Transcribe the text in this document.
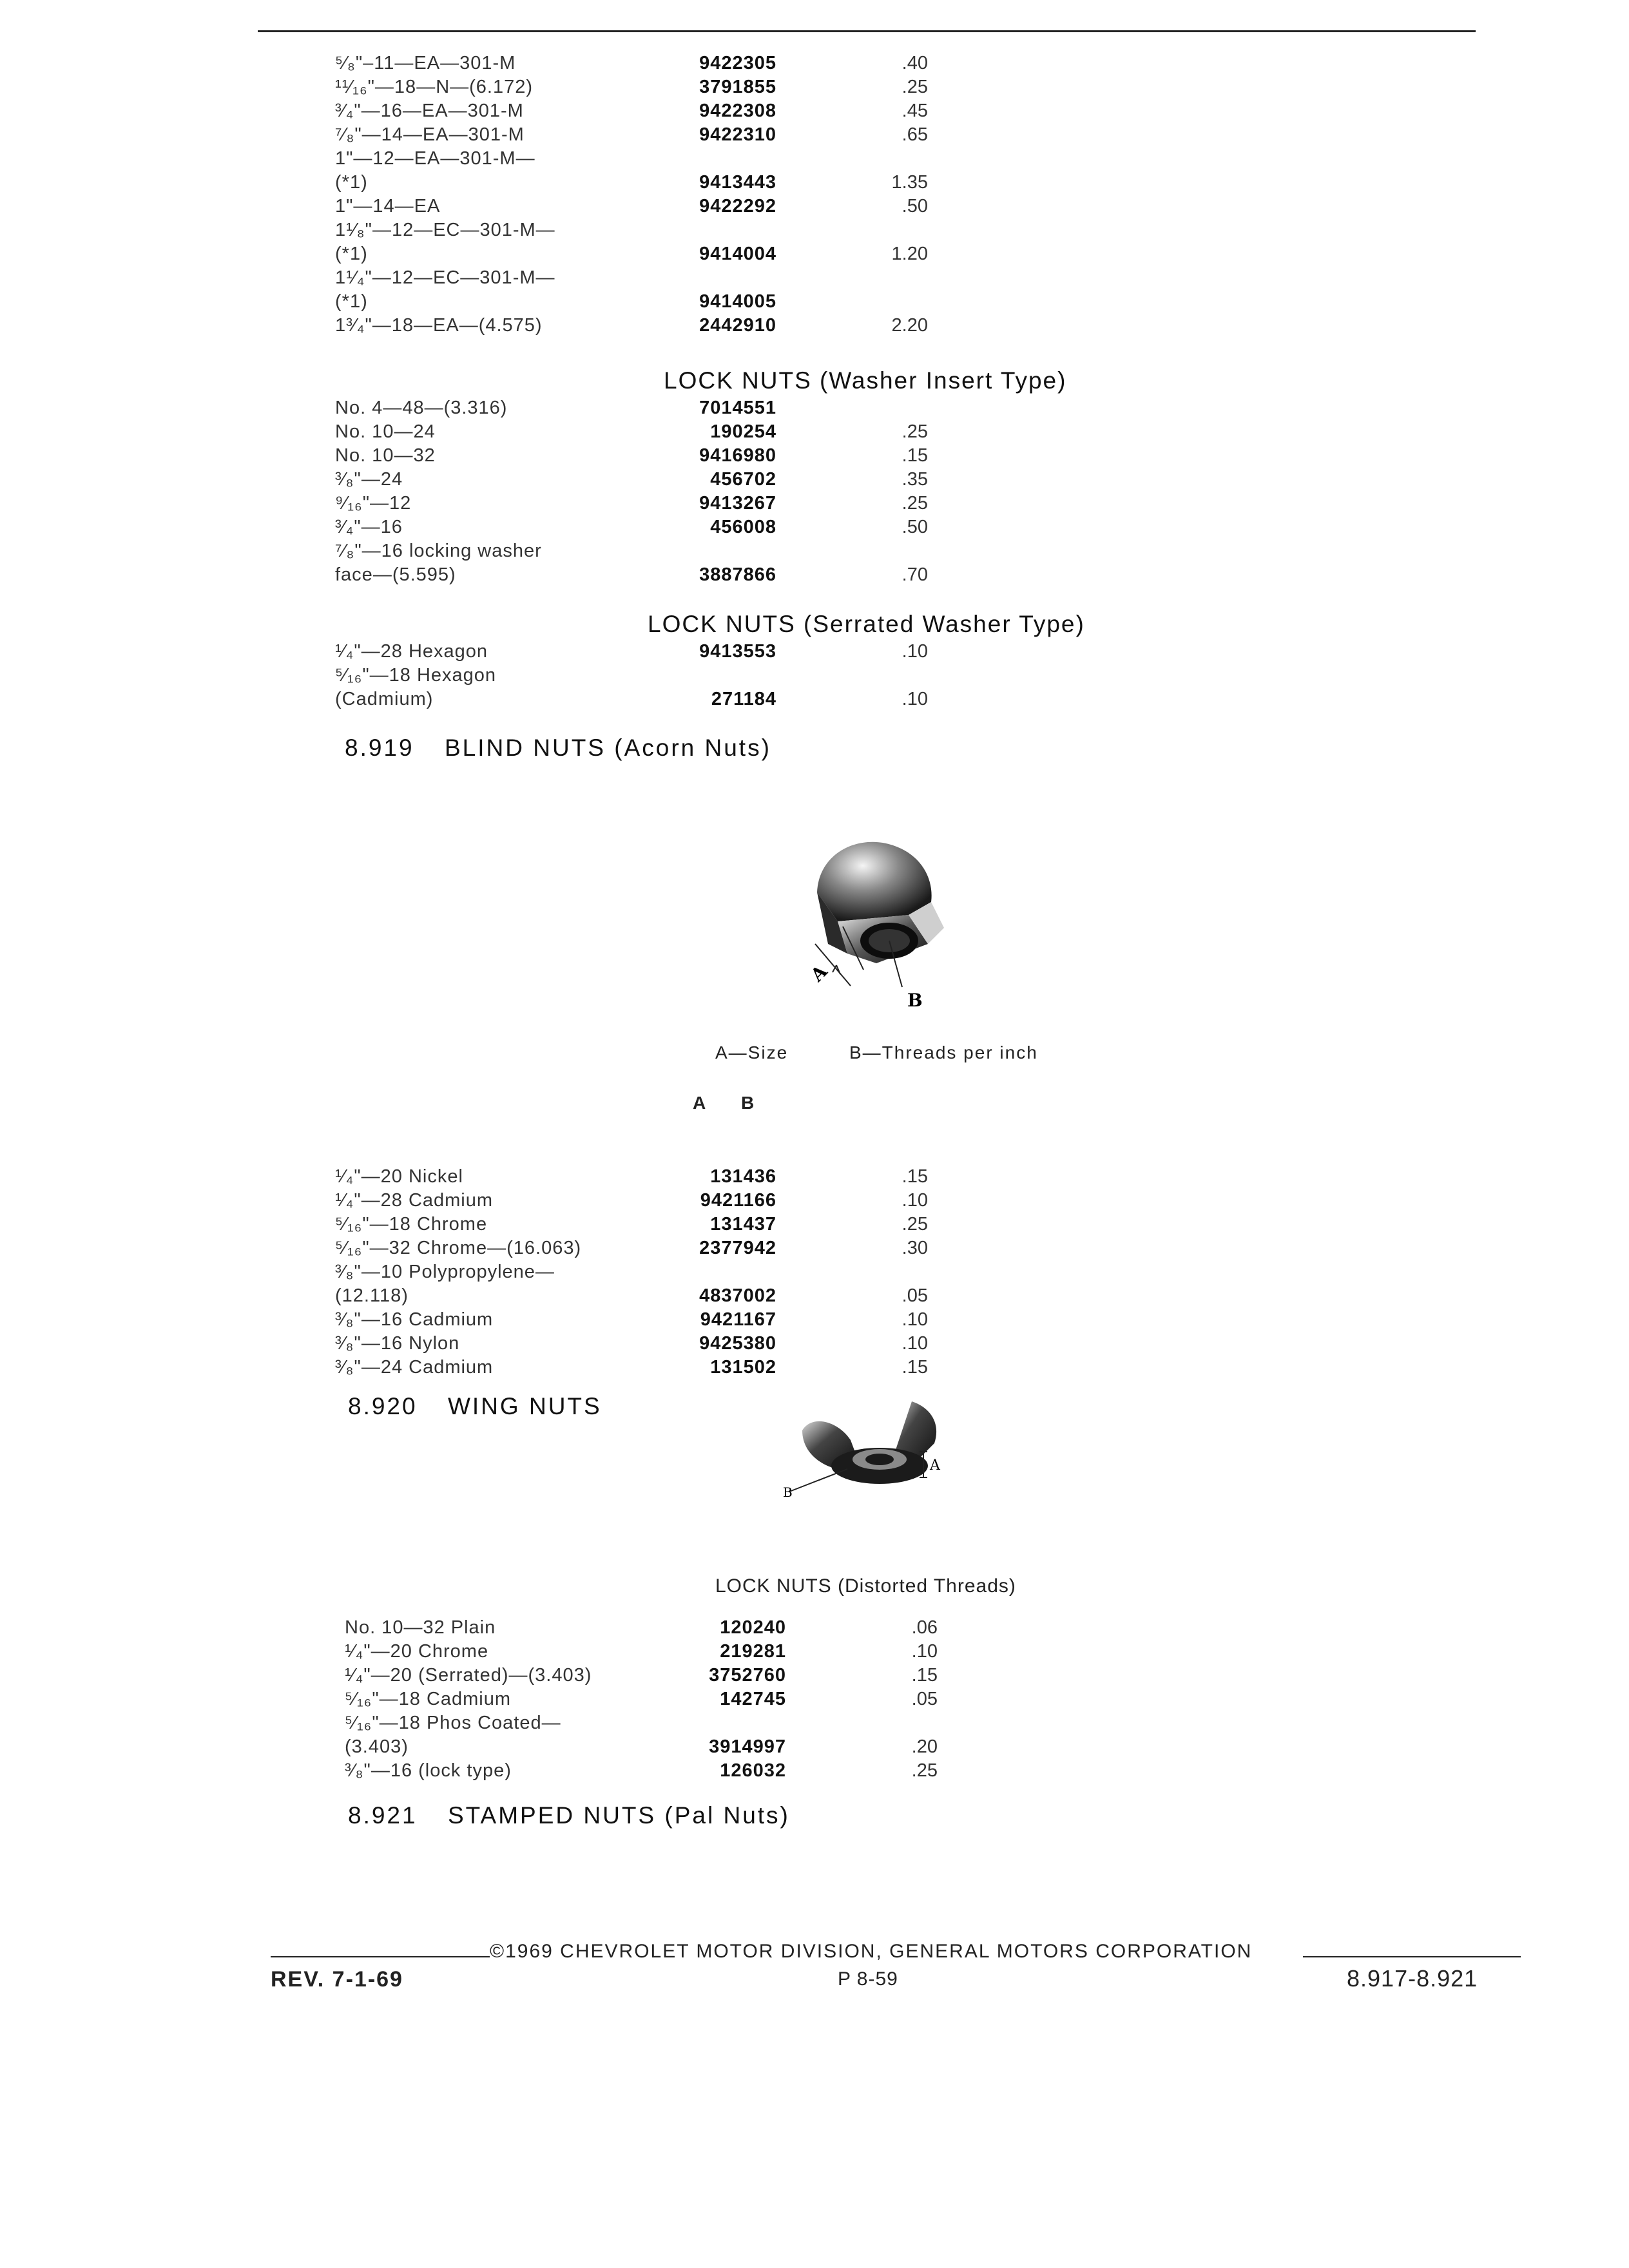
⁵⁄₈"–11—EA—301-M	9422305	.40
¹¹⁄₁₆"—18—N—(6.172)	3791855	.25
³⁄₄"—16—EA—301-M	9422308	.45
⁷⁄₈"—14—EA—301-M	9422310	.65
1"—12—EA—301-M—
(*1)	9413443	1.35
1"—14—EA	9422292	.50
1¹⁄₈"—12—EC—301-M—
(*1)	9414004	1.20
1¹⁄₄"—12—EC—301-M—
(*1)	9414005
1³⁄₄"—18—EA—(4.575)	2442910	2.20
LOCK NUTS (Washer Insert Type)
No. 4—48—(3.316)	7014551
No. 10—24	190254	.25
No. 10—32	9416980	.15
³⁄₈"—24	456702	.35
⁹⁄₁₆"—12	9413267	.25
³⁄₄"—16	456008	.50
⁷⁄₈"—16 locking washer
face—(5.595)	3887866	.70
LOCK NUTS (Serrated Washer Type)
¹⁄₄"—28 Hexagon	9413553	.10
⁵⁄₁₆"—18 Hexagon
(Cadmium)	271184	.10
8.919 BLIND NUTS (Acorn Nuts)
A
B
A—Size	B—Threads per inch
A B
¹⁄₄"—20 Nickel	131436	.15
¹⁄₄"—28 Cadmium	9421166	.10
⁵⁄₁₆"—18 Chrome	131437	.25
⁵⁄₁₆"—32 Chrome—(16.063)	2377942	.30
³⁄₈"—10 Polypropylene—
(12.118)	4837002	.05
³⁄₈"—16 Cadmium	9421167	.10
³⁄₈"—16 Nylon	9425380	.10
³⁄₈"—24 Cadmium	131502	.15
8.920 WING NUTS
B
A
LOCK NUTS (Distorted Threads)
No. 10—32 Plain	120240	.06
¹⁄₄"—20 Chrome	219281	.10
¹⁄₄"—20 (Serrated)—(3.403)	3752760	.15
⁵⁄₁₆"—18 Cadmium	142745	.05
⁵⁄₁₆"—18 Phos Coated—
(3.403)	3914997	.20
³⁄₈"—16 (lock type)	126032	.25
8.921 STAMPED NUTS (Pal Nuts)
©1969 CHEVROLET MOTOR DIVISION, GENERAL MOTORS CORPORATION
REV. 7-1-69	P 8-59	8.917-8.921
